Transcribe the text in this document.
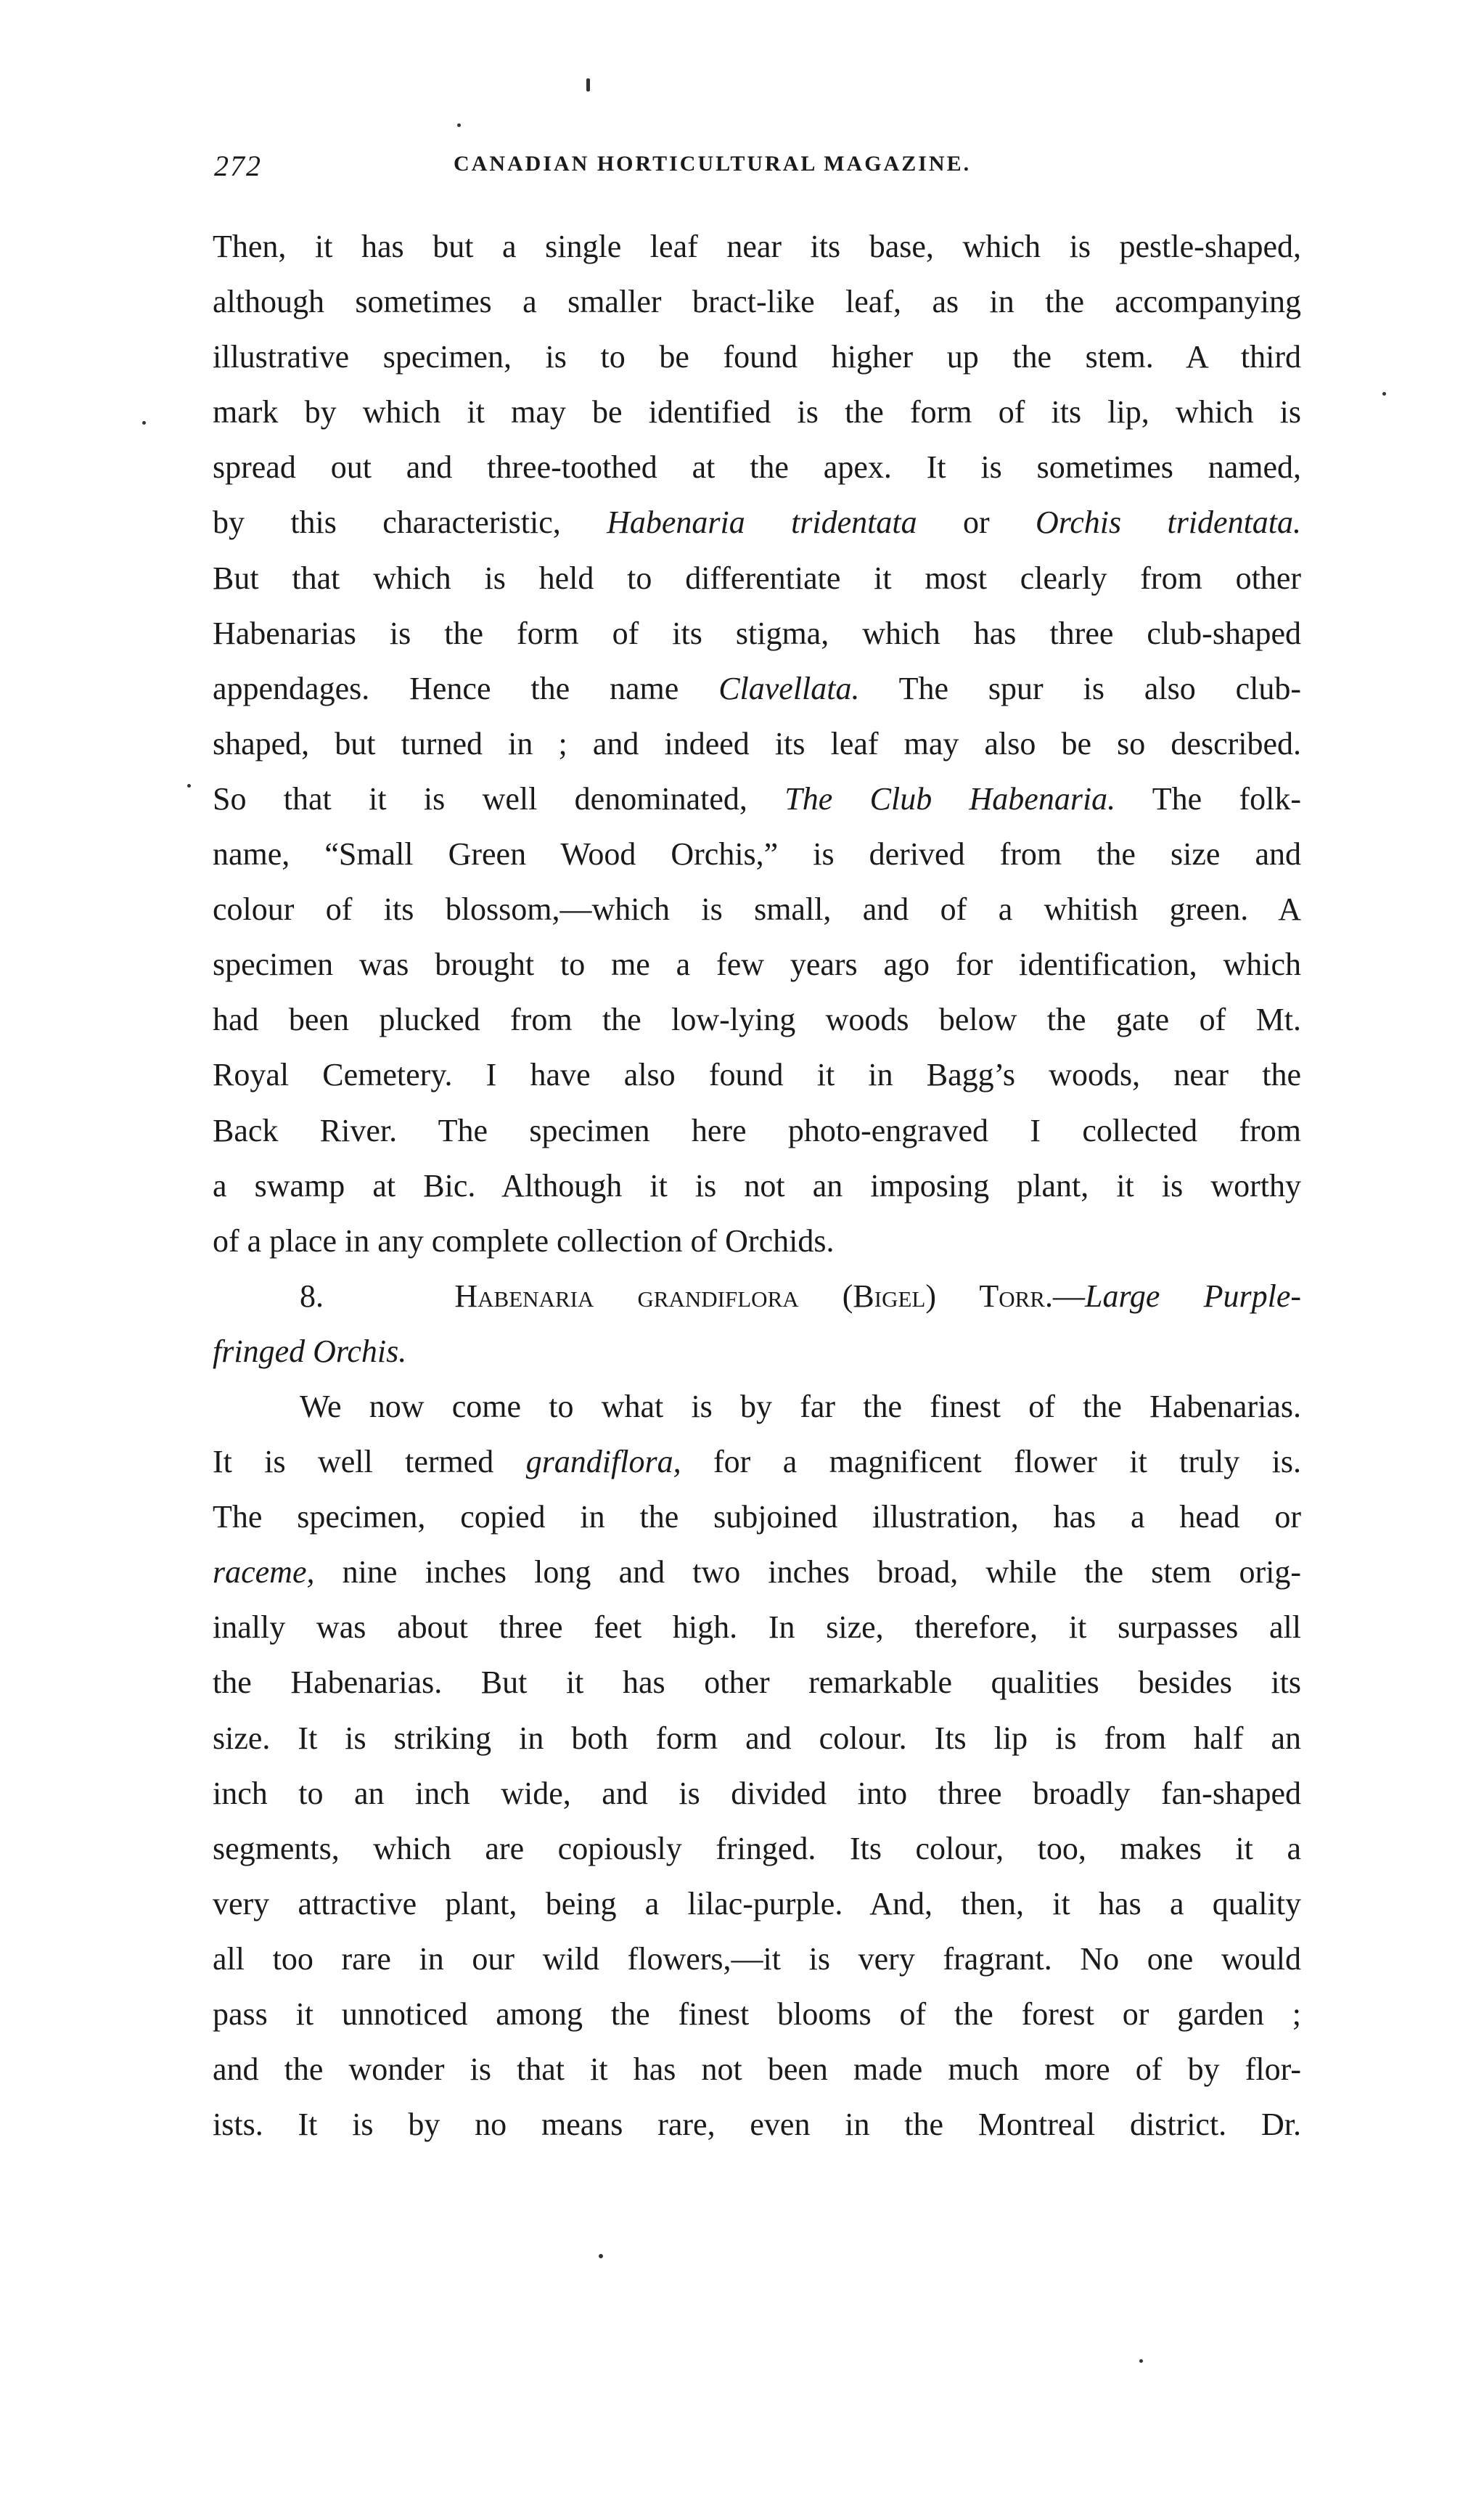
272	CANADIAN HORTICULTURAL MAGAZINE.
Then, it has but a single leaf near its base, which is pestle-shaped,
although sometimes a smaller bract-like leaf, as in the accompanying
illustrative specimen, is to be found higher up the stem. A third
mark by which it may be identified is the form of its lip, which is
spread out and three-toothed at the apex. It is sometimes named,
by this characteristic, Habenaria tridentata or Orchis tridentata.
But that which is held to differentiate it most clearly from other
Habenarias is the form of its stigma, which has three club-shaped
appendages. Hence the name Clavellata. The spur is also club-
shaped, but turned in ; and indeed its leaf may also be so described.
So that it is well denominated, The Club Habenaria. The folk-
name, “Small Green Wood Orchis,” is derived from the size and
colour of its blossom,—which is small, and of a whitish green. A
specimen was brought to me a few years ago for identification, which
had been plucked from the low-lying woods below the gate of Mt.
Royal Cemetery. I have also found it in Bagg’s woods, near the
Back River. The specimen here photo-engraved I collected from
a swamp at Bic. Although it is not an imposing plant, it is worthy
of a place in any complete collection of Orchids.
8.	Habenaria grandiflora (Bigel) Torr.—Large Purple-
fringed Orchis.
We now come to what is by far the finest of the Habenarias.
It is well termed grandiflora, for a magnificent flower it truly is.
The specimen, copied in the subjoined illustration, has a head or
raceme, nine inches long and two inches broad, while the stem orig-
inally was about three feet high. In size, therefore, it surpasses all
the Habenarias. But it has other remarkable qualities besides its
size. It is striking in both form and colour. Its lip is from half an
inch to an inch wide, and is divided into three broadly fan-shaped
segments, which are copiously fringed. Its colour, too, makes it a
very attractive plant, being a lilac-purple. And, then, it has a quality
all too rare in our wild flowers,—it is very fragrant. No one would
pass it unnoticed among the finest blooms of the forest or garden ;
and the wonder is that it has not been made much more of by flor-
ists. It is by no means rare, even in the Montreal district. Dr.
